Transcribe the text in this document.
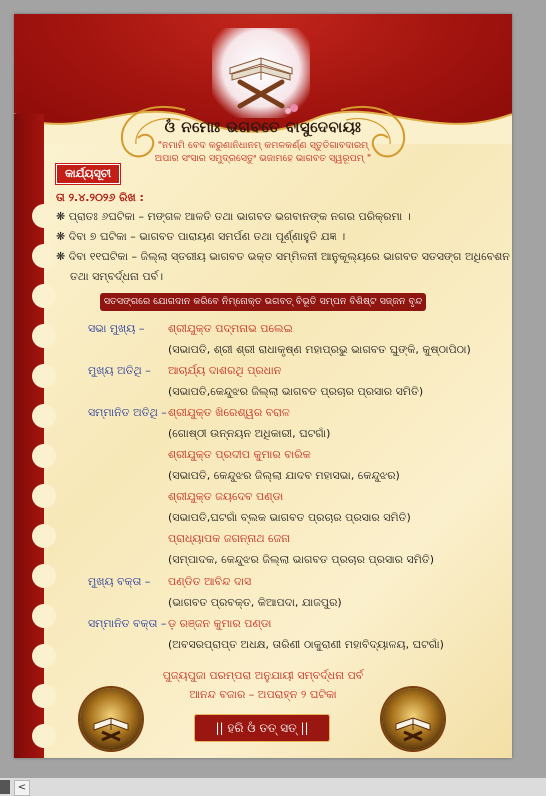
ଓଁ ନମୋଃ ଭଗବତେ ବାସୁଦେବାୟଃ
"ନମାମି ବେଦ କରୁଣାନିଧାନମ୍ କମଳକର୍ଣ୍ଣ ସ୍ତୁତିଗାବଦାରମ୍
ଅପାର ସଂସାର ସମୁଦ୍ରସେତୁଂ ଭଜାମହେ ଭାଗବତ ସ୍ୱରୂପମ୍ "
କାର୍ଯ୍ୟସୂଚୀ
ତା ୨.୪.୨୦୨୬ ରିଖ :
❋ ପ୍ରାତଃ ୬ଘଟିକା – ମଙ୍ଗଳ ଆଳତି ତଥା ଭାଗବତ ଭଗବାନଙ୍କ ନଗର ପରିକ୍ରମା ।
❋ ଦିବା ୭ ଘଟିକା – ଭାଗବତ ପାରାୟଣ ସମର୍ପଣ ତଥା ପୂର୍ଣ୍ଣାହୁତି ଯଜ୍ଞ ।
❋ ଦିବା ୧୧ଘଟିକା – ଜିଲ୍ଲା ସ୍ତରୀୟ ଭାଗବତ ଭକ୍ତ ସମ୍ମିଳନୀ ଆନୁକୂଲ୍ୟରେ ଭାଗବତ ସତସଙ୍ଗ ଅଧିବେଶନ
ତଥା ସମ୍ବର୍ଦ୍ଧନା ପର୍ବ।
ସତସଙ୍ଗରେ ଯୋଗଦାନ କରିବେ ନିମ୍ନୋକ୍ତ ଭଗବତ୍ ବିଭୂତି ସମ୍ପନ ବିଶିଷ୍ଟ ସଜ୍ଜନ ବୃନ୍ଦ
ସଭା ମୁଖ୍ୟ – ଶ୍ରୀଯୁକ୍ତ ପଦ୍ମନାଭ ପଲେଇ
(ସଭାପତି, ଶ୍ରୀ ଶ୍ରୀ ରାଧାକୃଷ୍ଣ ମହାପ୍ରଭୁ ଭାଗବତ ଘୁଙ୍କି, କୁଷ୍ଠାପିଠା)
ମୁଖ୍ୟ ଅତିଥି – ଆଚାର୍ଯ୍ୟ ଦାଶରଥି ପ୍ରଧାନ
(ସଭାପତି,କେନ୍ଦୁଝର ଜିଲ୍ଲା ଭାଗବତ ପ୍ରଚାର ପ୍ରସାର ସମିତି)
ସମ୍ମାନିତ ଅତିଥି – ଶ୍ରୀଯୁକ୍ତ ଖିରେଶ୍ୱର ବରାଳ
(ଗୋଷ୍ଠୀ ଉନ୍ନୟନ ଅଧିକାରୀ, ଘଟଗାଁ)
ଶ୍ରୀଯୁକ୍ତ ପ୍ରଦୀପ କୁମାର ବାରିକ
(ସଭାପତି, କେନ୍ଦୁଝର ଜିଲ୍ଲା ଯାଦବ ମହାସଭା, କେନ୍ଦୁଝର)
ଶ୍ରୀଯୁକ୍ତ ଜୟଦେବ ପଣ୍ଡା
(ସଭାପତି,ଘଟଗାଁ ବ୍ଲକ ଭାଗବତ ପ୍ରଚାର ପ୍ରସାର ସମିତି)
ପ୍ରାଧ୍ୟାପକ ଜଗନ୍ନାଥ ଜେନା
(ସମ୍ପାଦକ, କେନ୍ଦୁଝର ଜିଲ୍ଲା ଭାଗବତ ପ୍ରଚାର ପ୍ରସାର ସମିତି)
ମୁଖ୍ୟ ବକ୍ତା – ପଣ୍ଡିତ ଆବିନ୍ଦ ଦାସ
(ଭାଗବତ ପ୍ରବକ୍ତ, କିଆପଦା, ଯାଜପୁର)
ସମ୍ମାନିତ ବକ୍ତା – ଡ଼ ରଞ୍ଜନ କୁମାର ପଣ୍ଡା
(ଅବସରପ୍ରାପ୍ତ ଅଧକ୍ଷ, ତାରିଣୀ ଠାକୁରାଣୀ ମହାବିଦ୍ୟାଳୟ, ଘଟଗାଁ)
ପୁଜ୍ୟପୁଜା ପରମ୍ପରା ଅନୁଯାୟୀ ସମ୍ବର୍ଦ୍ଧନା ପର୍ବ
ଆନନ୍ଦ ବଜାର – ଅପରାହ୍ନ ୨ ଘଟିକା
|| ହରି ଓଁ ତତ୍ ସତ୍ ||
<
